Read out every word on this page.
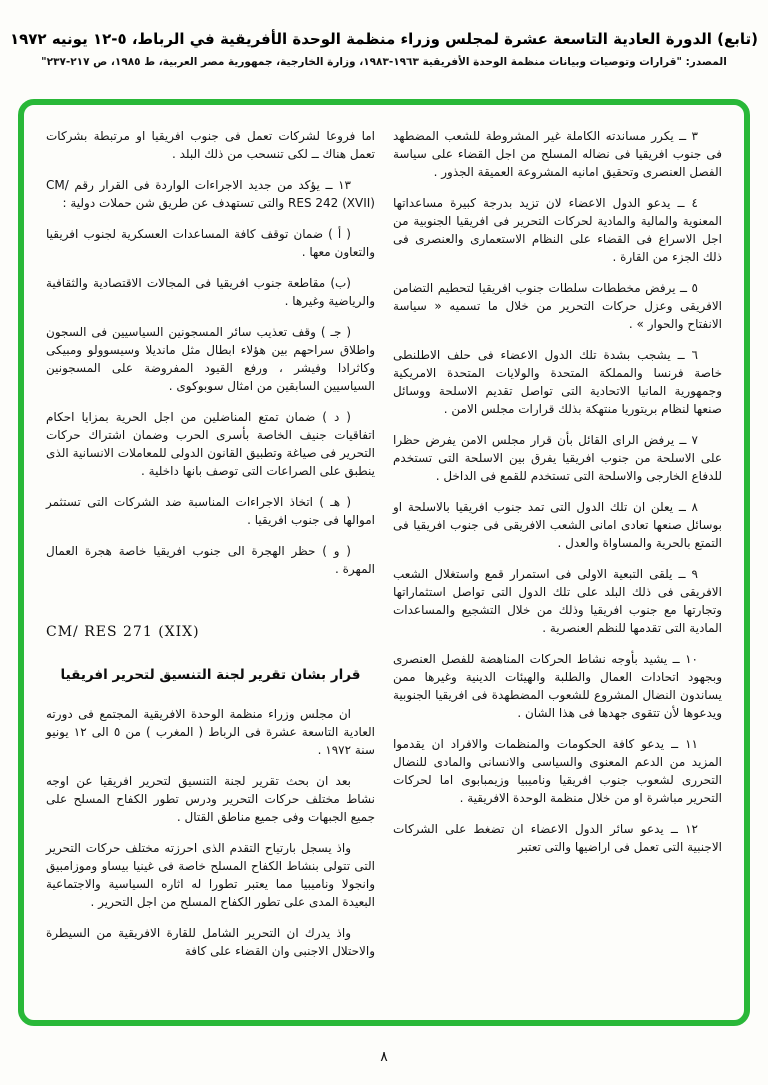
(تابع) الدورة العادية التاسعة عشرة لمجلس وزراء منظمة الوحدة الأفريقية في الرباط، ٥-١٢ يونيه ١٩٧٢
المصدر: "قرارات وتوصيات وبيانات منظمة الوحدة الأفريقية ١٩٦٣-١٩٨٣، وزارة الخارجية، جمهورية مصر العربية، ط ١٩٨٥، ص ٢١٧-٢٣٧"

٣ ــ يكرر مساندته الكاملة غير المشروطة للشعب المضطهد فى جنوب افريقيا فى نضاله المسلح من اجل القضاء على سياسة الفصل العنصرى وتحقيق امانيه المشروعة العميقة الجذور .

٤ ــ يدعو الدول الاعضاء لان تزيد بدرجة كبيرة مساعداتها المعنوية والمالية والمادية لحركات التحرير فى افريقيا الجنوبية من اجل الاسراع فى القضاء على النظام الاستعمارى والعنصرى فى ذلك الجزء من القارة .

٥ ــ يرفض مخططات سلطات جنوب افريقيا لتحطيم التضامن الافريقى وعزل حركات التحرير من خلال ما تسميه « سياسة الانفتاح والحوار » .

٦ ــ يشجب بشدة تلك الدول الاعضاء فى حلف الاطلنطى خاصة فرنسا والمملكة المتحدة والولايات المتحدة الامريكية وجمهورية المانيا الاتحادية التى تواصل تقديم الاسلحة ووسائل صنعها لنظام بريتوريا منتهكة بذلك قرارات مجلس الامن .

٧ ــ يرفض الراى القائل بأن قرار مجلس الامن يفرض حظرا على الاسلحة من جنوب افريقيا يفرق بين الاسلحة التى تستخدم للدفاع الخارجى والاسلحة التى تستخدم للقمع فى الداخل .

٨ ــ يعلن ان تلك الدول التى تمد جنوب افريقيا بالاسلحة او بوسائل صنعها تعادى امانى الشعب الافريقى فى جنوب افريقيا فى التمتع بالحرية والمساواة والعدل .

٩ ــ يلقى التبعية الاولى فى استمرار قمع واستغلال الشعب الافريقى فى ذلك البلد على تلك الدول التى تواصل استثماراتها وتجارتها مع جنوب افريقيا وذلك من خلال التشجيع والمساعدات المادية التى تقدمها للنظم العنصرية .

١٠ ــ يشيد بأوجه نشاط الحركات المناهضة للفصل العنصرى وبجهود اتحادات العمال والطلبة والهيئات الدينية وغيرها ممن يساندون النضال المشروع للشعوب المضطهدة فى افريقيا الجنوبية ويدعوها لأن تتقوى جهدها فى هذا الشان .

١١ ــ يدعو كافة الحكومات والمنظمات والافراد ان يقدموا المزيد من الدعم المعنوى والسياسى والانسانى والمادى للنضال التحررى لشعوب جنوب افريقيا وناميبيا وزيمبابوى اما لحركات التحرير مباشرة او من خلال منظمة الوحدة الافريقية .

١٢ ــ يدعو سائر الدول الاعضاء ان تضغط على الشركات الاجنبية التى تعمل فى اراضيها والتى تعتبر

اما فروعا لشركات تعمل فى جنوب افريقيا او مرتبطة بشركات تعمل هناك ــ لكى تنسحب من ذلك البلد .

١٣ ــ يؤكد من جديد الاجراءات الواردة فى القرار رقم CM/ RES 242 (XVII) والتى تستهدف عن طريق شن حملات دولية :

( أ ) ضمان توقف كافة المساعدات العسكرية لجنوب افريقيا والتعاون معها .

(ب) مقاطعة جنوب افريقيا فى المجالات الاقتصادية والثقافية والرياضية وغيرها .

( جـ ) وقف تعذيب سائر المسجونين السياسيين فى السجون واطلاق سراحهم بين هؤلاء ابطال مثل مانديلا وسيسوولو ومبيكى وكاثرادا وفيشر ، ورفع القيود المفروضة على المسجونين السياسيين السابقين من امثال سوبوكوى .

( د ) ضمان تمتع المناضلين من اجل الحرية بمزايا احكام اتفاقيات جنيف الخاصة بأسرى الحرب وضمان اشتراك حركات التحرير فى صياغة وتطبيق القانون الدولى للمعاملات الانسانية الذى ينطبق على الصراعات التى توصف بانها داخلية .

( هـ ) اتخاذ الاجراءات المناسبة ضد الشركات التى تستثمر اموالها فى جنوب افريقيا .

( و ) حظر الهجرة الى جنوب افريقيا خاصة هجرة العمال المهرة .

CM/ RES 271 (XIX)
قرار بشان تقرير لجنة التنسيق لتحرير افريقيا

ان مجلس وزراء منظمة الوحدة الافريقية المجتمع فى دورته العادية التاسعة عشرة فى الرباط ( المغرب ) من ٥ الى ١٢ يونيو سنة ١٩٧٢ .

بعد ان بحث تقرير لجنة التنسيق لتحرير افريقيا عن اوجه نشاط مختلف حركات التحرير ودرس تطور الكفاح المسلح على جميع الجبهات وفى جميع مناطق القتال .

واذ يسجل بارتياح التقدم الذى احرزته مختلف حركات التحرير التى تتولى بنشاط الكفاح المسلح خاصة فى غينيا بيساو وموزامبيق وانجولا وناميبيا مما يعتبر تطورا له اثاره السياسية والاجتماعية البعيدة المدى على تطور الكفاح المسلح من اجل التحرير .

واذ يدرك ان التحرير الشامل للقارة الافريقية من السيطرة والاحتلال الاجنبى وان القضاء على كافة

٨
